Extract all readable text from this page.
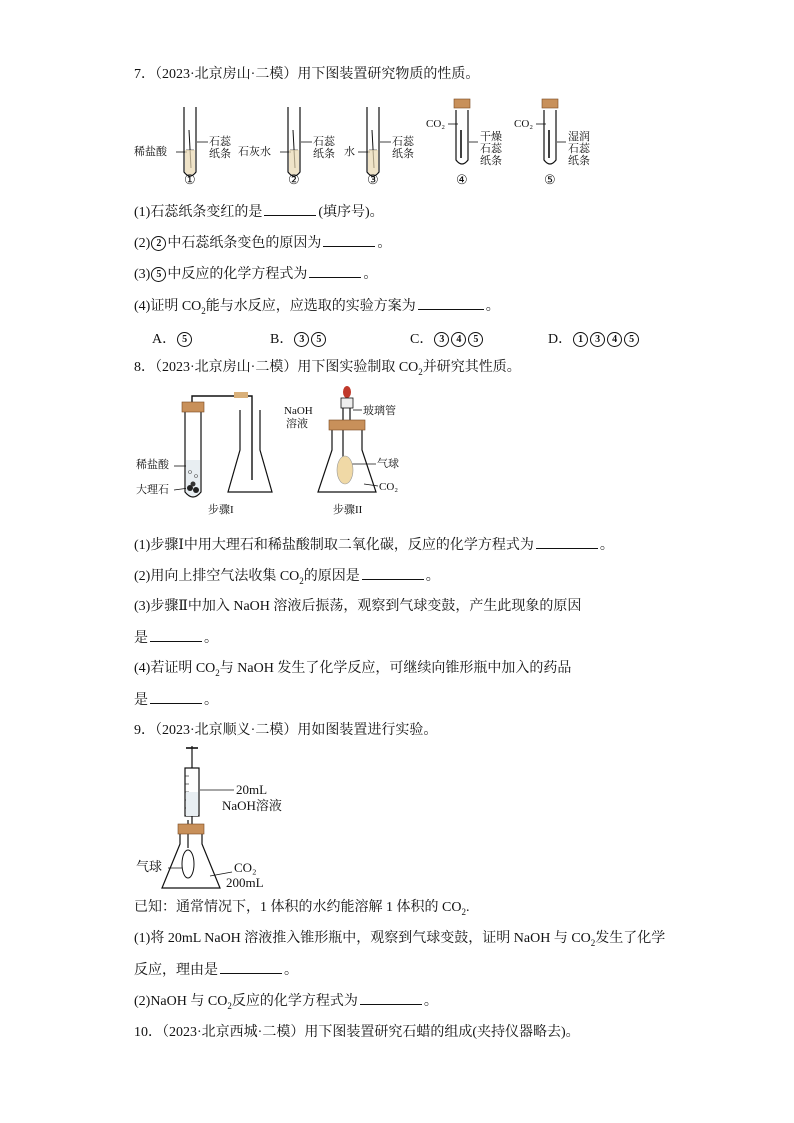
7．（2023·北京房山·二模）用下图装置研究物质的性质。
稀盐酸
石蕊
纸条 石灰水
石蕊
纸条 水
石蕊
纸条
CO₂
干燥
石蕊
纸条
CO₂
湿润
石蕊
纸条
①	②	③	④	⑤
(1)石蕊纸条变红的是	(填序号)。
(2) 2 中石蕊纸条变色的原因为	。
(3) 5 中反应的化学方程式为	。
(4)证明 $CO_2$能与水反应，应选取的实验方案为	。
A． 5	B． 3 5	C． 3 4 5	D． 1 3 4 5
8．（2023·北京房山·二模）用下图实验制取 $CO_2$并研究其性质。
稀盐酸
大理石
步骤I
NaOH
溶液
玻璃管
气球
CO₂
步骤II
(1)步骤Ⅰ中用大理石和稀盐酸制取二氧化碳，反应的化学方程式为	。
(2)用向上排空气法收集 $CO_2$的原因是	。
(3)步骤Ⅱ中加入 NaOH 溶液后振荡，观察到气球变鼓，产生此现象的原因
是	。
(4)若证明 $CO_2$与 NaOH 发生了化学反应，可继续向锥形瓶中加入的药品
是	。
9．（2023·北京顺义·二模）用如图装置进行实验。
20mL
NaOH溶液
气球	CO₂
200mL
已知：通常情况下，1 体积的水约能溶解 1 体积的 $CO_2$.
(1)将 20mL NaOH 溶液推入锥形瓶中，观察到气球变鼓，证明 NaOH 与 $CO_2$发生了化学
反应，理由是	。
(2)NaOH 与 $CO_2$反应的化学方程式为	。
10．（2023·北京西城·二模）用下图装置研究石蜡的组成(夹持仪器略去)。
